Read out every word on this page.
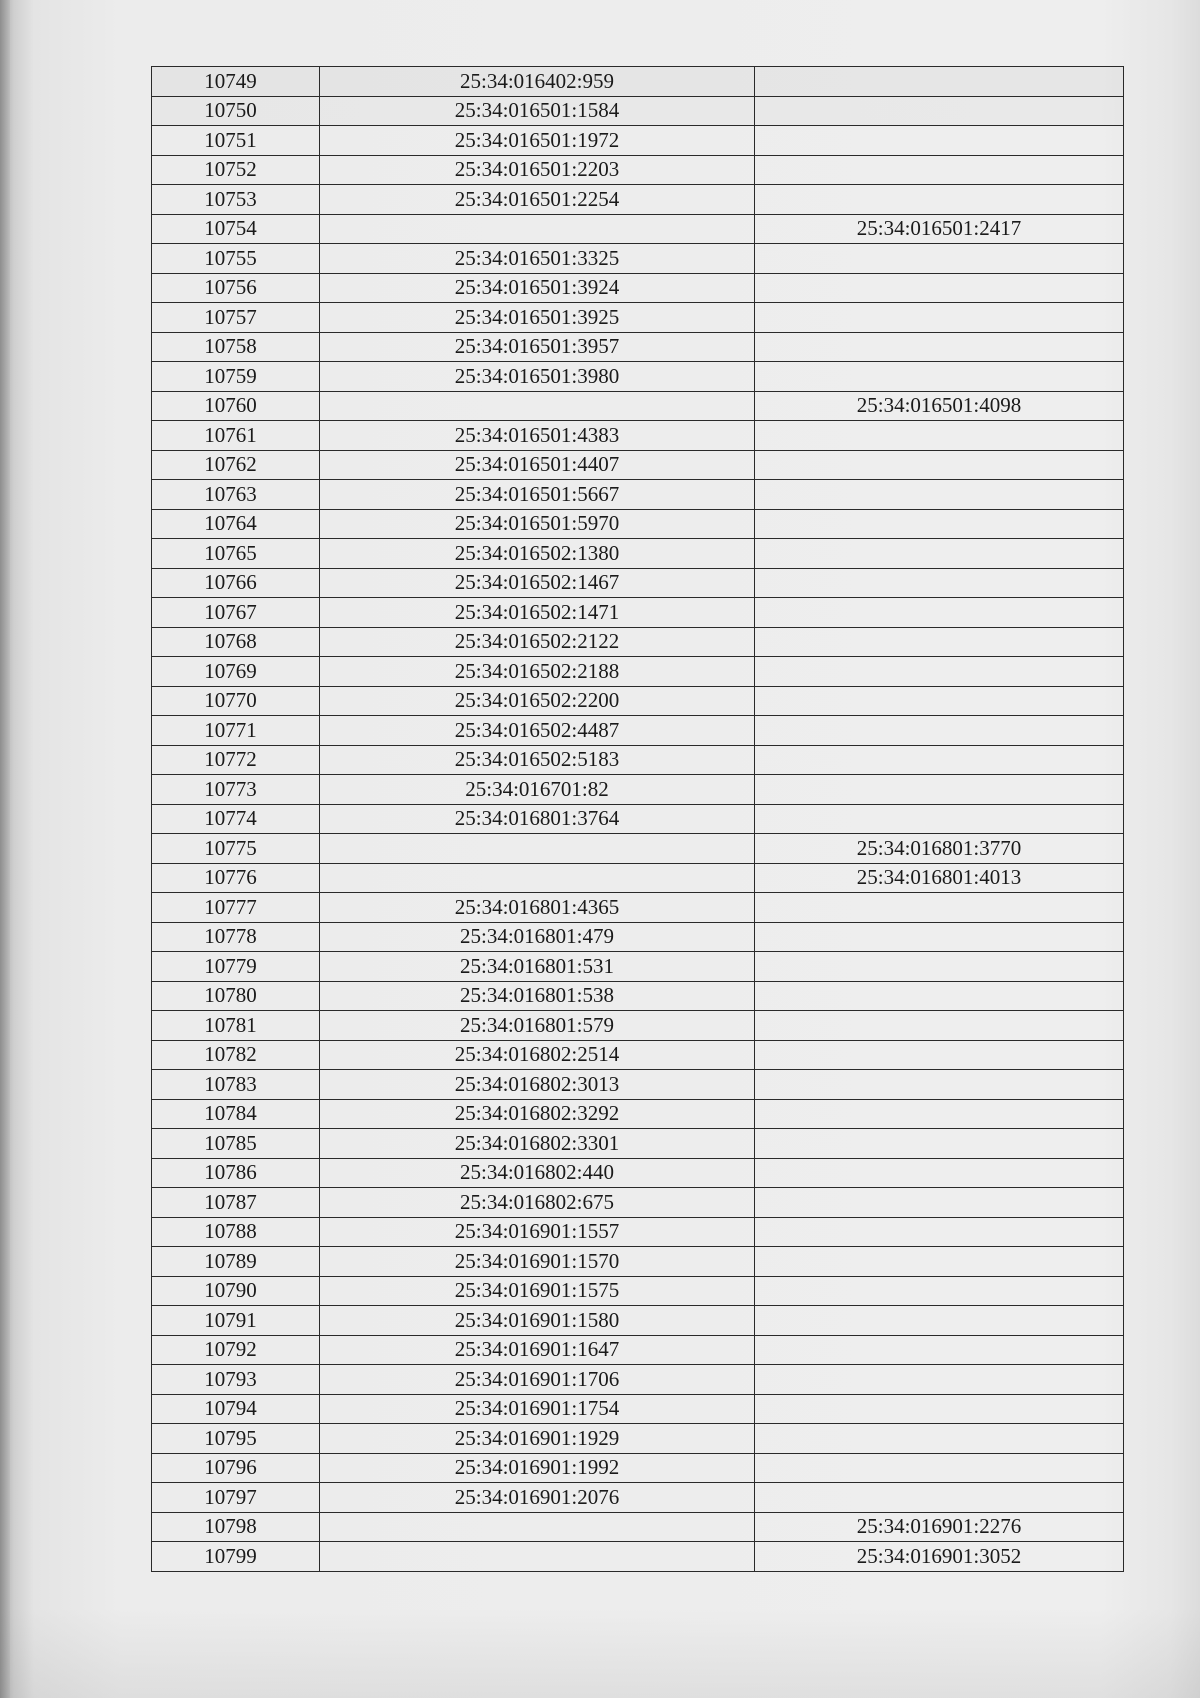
10749	25:34:016402:959	
10750	25:34:016501:1584	
10751	25:34:016501:1972	
10752	25:34:016501:2203	
10753	25:34:016501:2254	
10754		25:34:016501:2417
10755	25:34:016501:3325	
10756	25:34:016501:3924	
10757	25:34:016501:3925	
10758	25:34:016501:3957	
10759	25:34:016501:3980	
10760		25:34:016501:4098
10761	25:34:016501:4383	
10762	25:34:016501:4407	
10763	25:34:016501:5667	
10764	25:34:016501:5970	
10765	25:34:016502:1380	
10766	25:34:016502:1467	
10767	25:34:016502:1471	
10768	25:34:016502:2122	
10769	25:34:016502:2188	
10770	25:34:016502:2200	
10771	25:34:016502:4487	
10772	25:34:016502:5183	
10773	25:34:016701:82	
10774	25:34:016801:3764	
10775		25:34:016801:3770
10776		25:34:016801:4013
10777	25:34:016801:4365	
10778	25:34:016801:479	
10779	25:34:016801:531	
10780	25:34:016801:538	
10781	25:34:016801:579	
10782	25:34:016802:2514	
10783	25:34:016802:3013	
10784	25:34:016802:3292	
10785	25:34:016802:3301	
10786	25:34:016802:440	
10787	25:34:016802:675	
10788	25:34:016901:1557	
10789	25:34:016901:1570	
10790	25:34:016901:1575	
10791	25:34:016901:1580	
10792	25:34:016901:1647	
10793	25:34:016901:1706	
10794	25:34:016901:1754	
10795	25:34:016901:1929	
10796	25:34:016901:1992	
10797	25:34:016901:2076	
10798		25:34:016901:2276
10799		25:34:016901:3052
